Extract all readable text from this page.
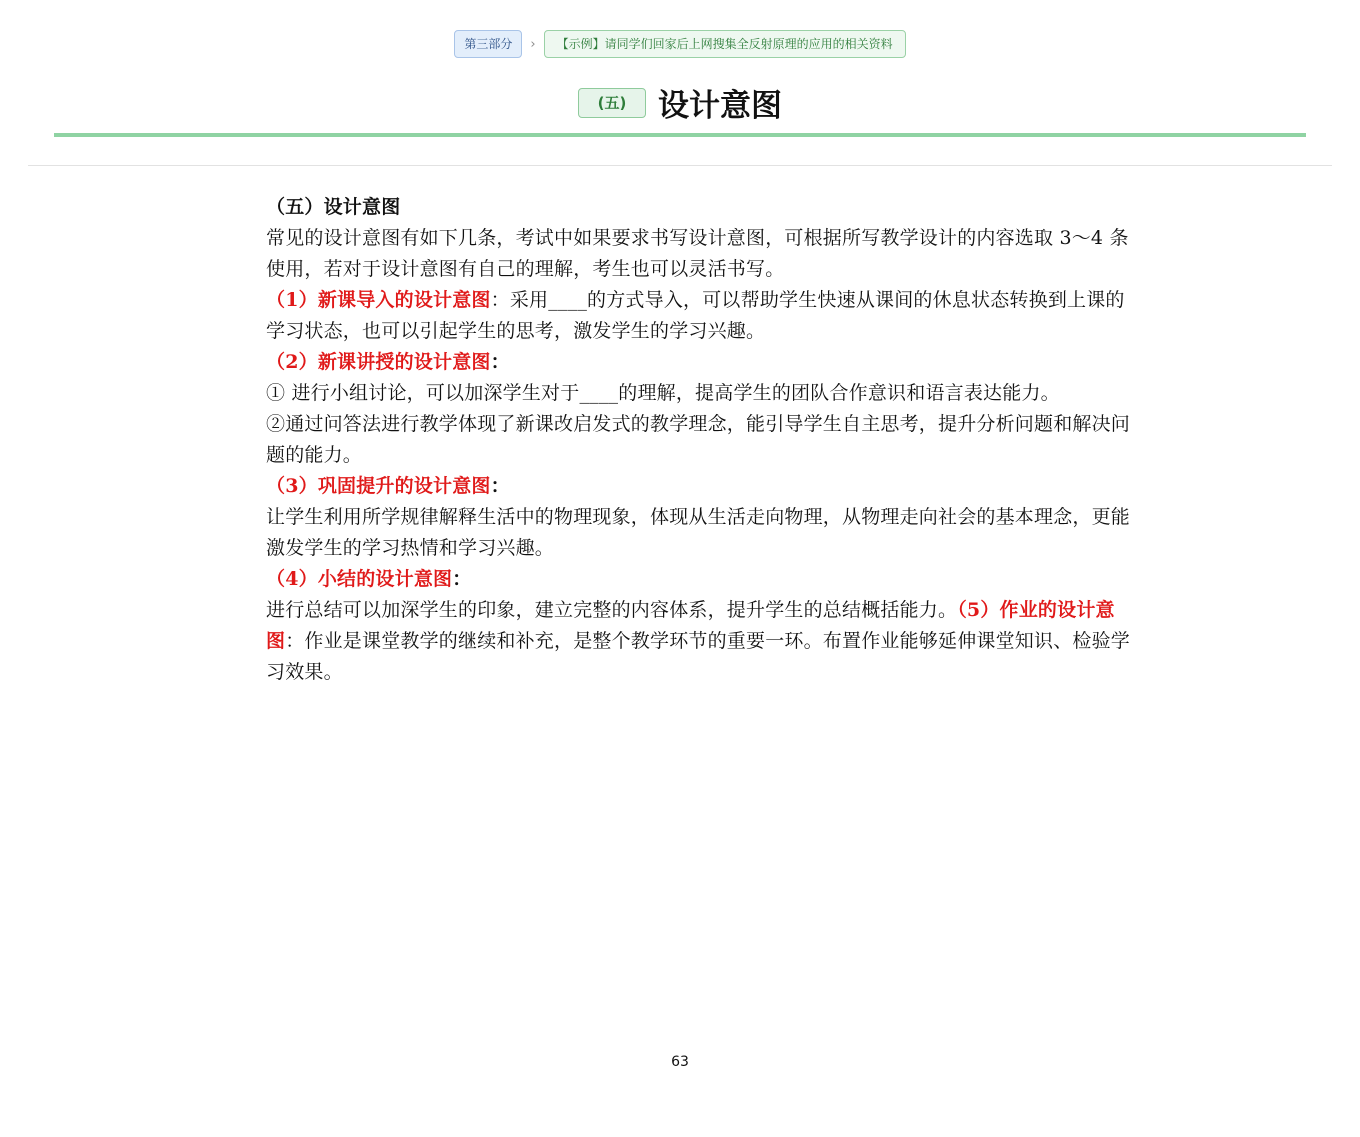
第三部分	›	【示例】请同学们回家后上网搜集全反射原理的应用的相关资料
(五)	设计意图

（五）设计意图

常见的设计意图有如下几条，考试中如果要求书写设计意图，可根据所写教学设计的内容选取 3～4 条使用，若对于设计意图有自己的理解，考生也可以灵活书写。

（1）新课导入的设计意图：采用____的方式导入，可以帮助学生快速从课间的休息状态转换到上课的学习状态，也可以引起学生的思考，激发学生的学习兴趣。

（2）新课讲授的设计意图：

① 进行小组讨论，可以加深学生对于____的理解，提高学生的团队合作意识和语言表达能力。

②通过问答法进行教学体现了新课改启发式的教学理念，能引导学生自主思考，提升分析问题和解决问题的能力。

（3）巩固提升的设计意图：

让学生利用所学规律解释生活中的物理现象，体现从生活走向物理，从物理走向社会的基本理念，更能激发学生的学习热情和学习兴趣。

（4）小结的设计意图：

进行总结可以加深学生的印象，建立完整的内容体系，提升学生的总结概括能力。（5）作业的设计意图：作业是课堂教学的继续和补充，是整个教学环节的重要一环。布置作业能够延伸课堂知识、检验学习效果。

63
